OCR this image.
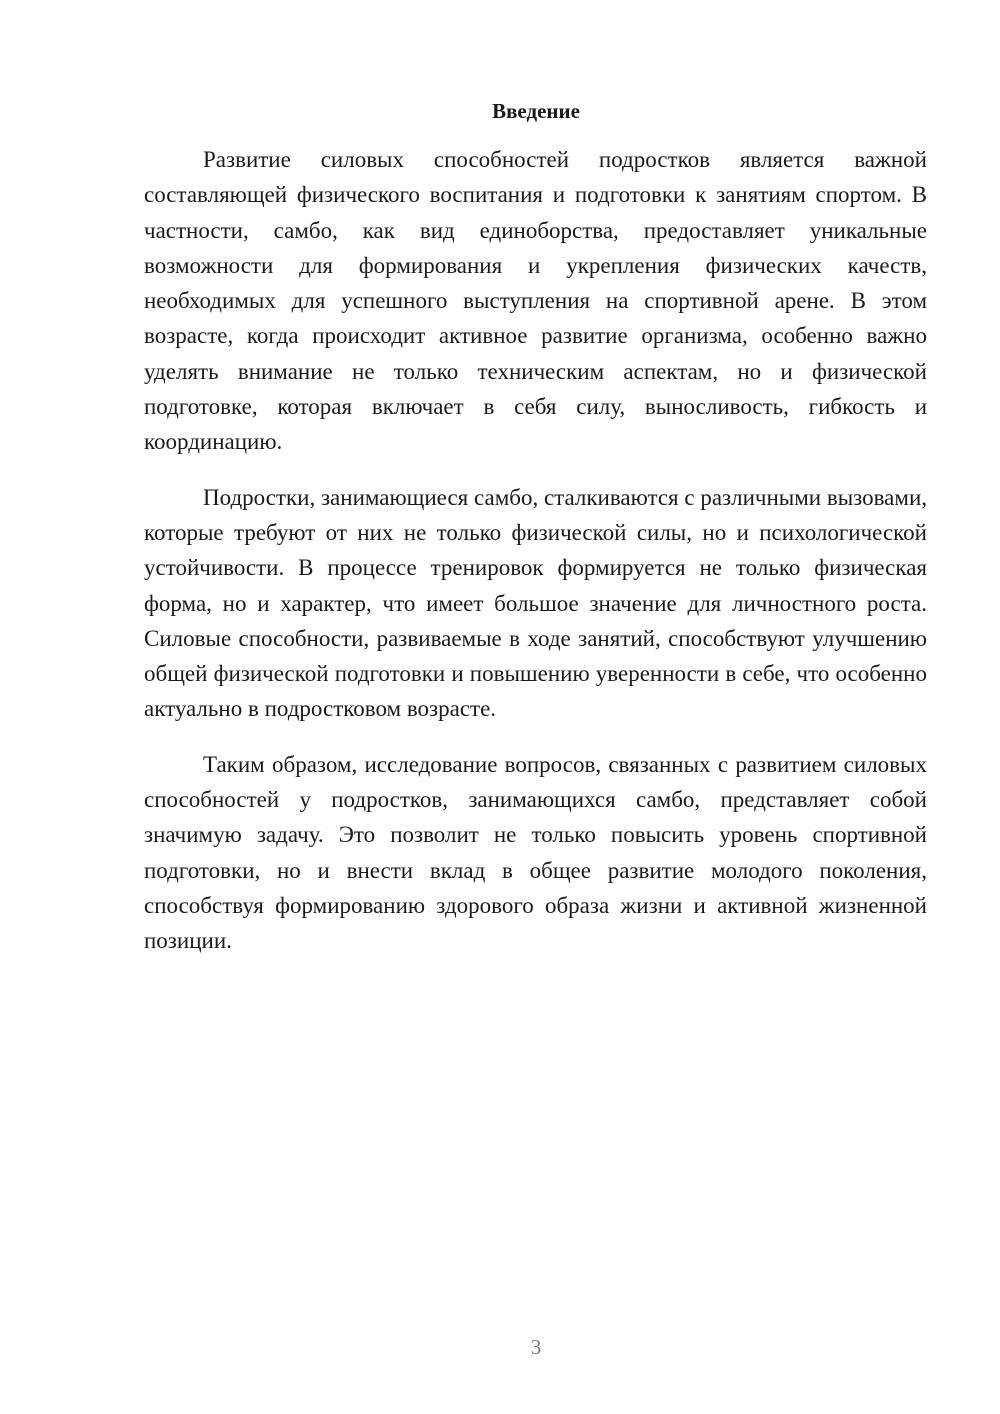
Введение

Развитие силовых способностей подростков является важной составляющей физического воспитания и подготовки к занятиям спортом. В частности, самбо, как вид единоборства, предоставляет уникальные возможности для формирования и укрепления физических качеств, необходимых для успешного выступления на спортивной арене. В этом возрасте, когда происходит активное развитие организма, особенно важно уделять внимание не только техническим аспектам, но и физической подготовке, которая включает в себя силу, выносливость, гибкость и координацию.

Подростки, занимающиеся самбо, сталкиваются с различными вызовами, которые требуют от них не только физической силы, но и психологической устойчивости. В процессе тренировок формируется не только физическая форма, но и характер, что имеет большое значение для личностного роста. Силовые способности, развиваемые в ходе занятий, способствуют улучшению общей физической подготовки и повышению уверенности в себе, что особенно актуально в подростковом возрасте.

Таким образом, исследование вопросов, связанных с развитием силовых способностей у подростков, занимающихся самбо, представляет собой значимую задачу. Это позволит не только повысить уровень спортивной подготовки, но и внести вклад в общее развитие молодого поколения, способствуя формированию здорового образа жизни и активной жизненной позиции.

3
